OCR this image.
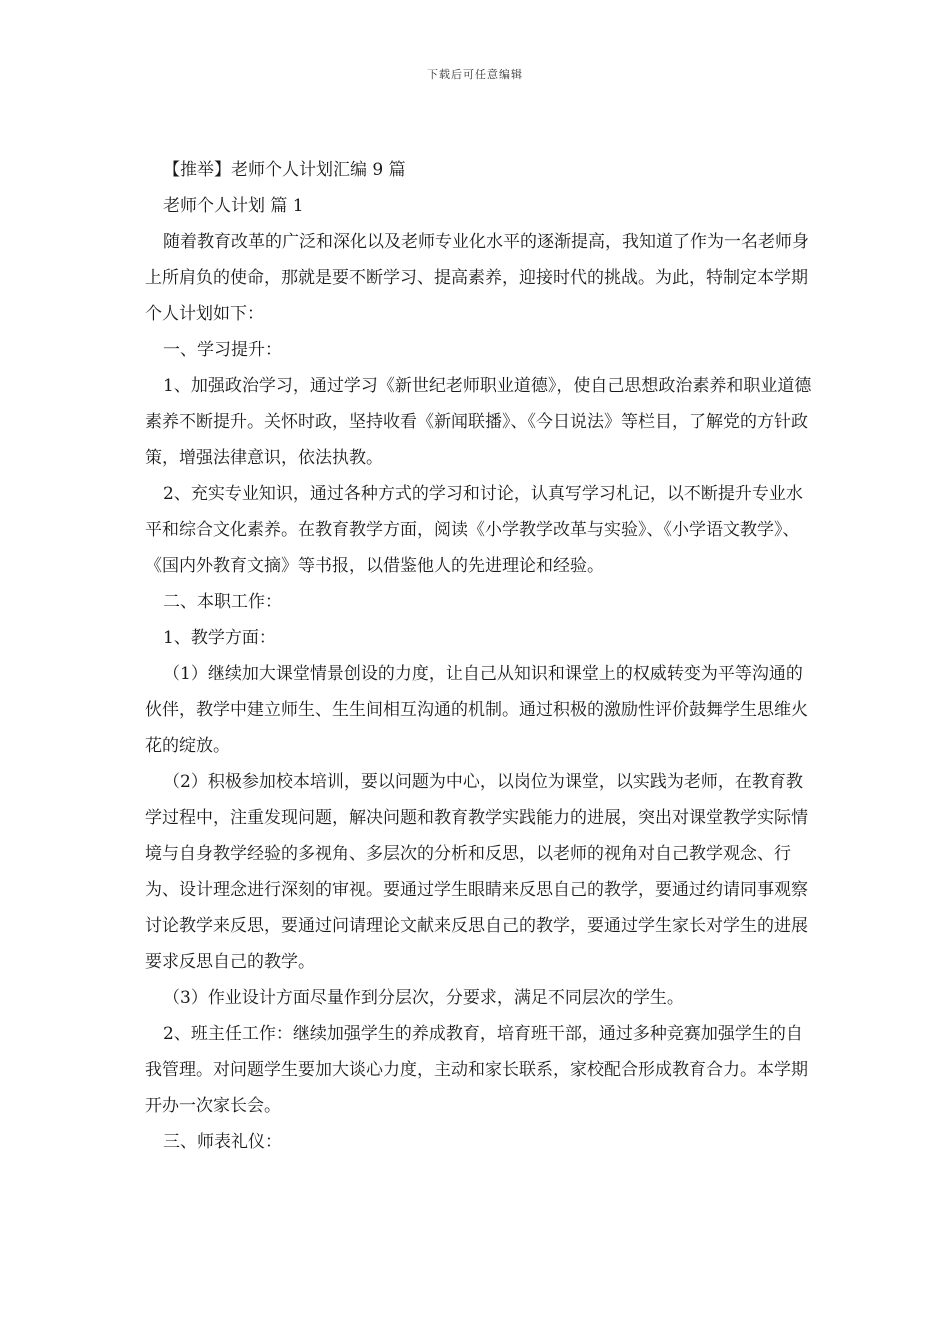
下载后可任意编辑

【推举】老师个人计划汇编 9 篇

老师个人计划 篇 1

随着教育改革的广泛和深化以及老师专业化水平的逐渐提高，我知道了作为一名老师身上所肩负的使命，那就是要不断学习、提高素养，迎接时代的挑战。为此，特制定本学期个人计划如下：

一、学习提升：

1、加强政治学习，通过学习《新世纪老师职业道德》，使自己思想政治素养和职业道德素养不断提升。关怀时政，坚持收看《新闻联播》、《今日说法》等栏目，了解党的方针政策，增强法律意识，依法执教。

2、充实专业知识，通过各种方式的学习和讨论，认真写学习札记，以不断提升专业水平和综合文化素养。在教育教学方面，阅读《小学教学改革与实验》、《小学语文教学》、《国内外教育文摘》等书报，以借鉴他人的先进理论和经验。

二、本职工作：

1、教学方面：

（1）继续加大课堂情景创设的力度，让自己从知识和课堂上的权威转变为平等沟通的伙伴，教学中建立师生、生生间相互沟通的机制。通过积极的激励性评价鼓舞学生思维火花的绽放。

（2）积极参加校本培训，要以问题为中心，以岗位为课堂，以实践为老师，在教育教学过程中，注重发现问题，解决问题和教育教学实践能力的进展，突出对课堂教学实际情境与自身教学经验的多视角、多层次的分析和反思，以老师的视角对自己教学观念、行为、设计理念进行深刻的审视。要通过学生眼睛来反思自己的教学，要通过约请同事观察讨论教学来反思，要通过问请理论文献来反思自己的教学，要通过学生家长对学生的进展要求反思自己的教学。

（3）作业设计方面尽量作到分层次，分要求，满足不同层次的学生。

2、班主任工作：继续加强学生的养成教育，培育班干部，通过多种竞赛加强学生的自我管理。对问题学生要加大谈心力度，主动和家长联系，家校配合形成教育合力。本学期开办一次家长会。

三、师表礼仪：
